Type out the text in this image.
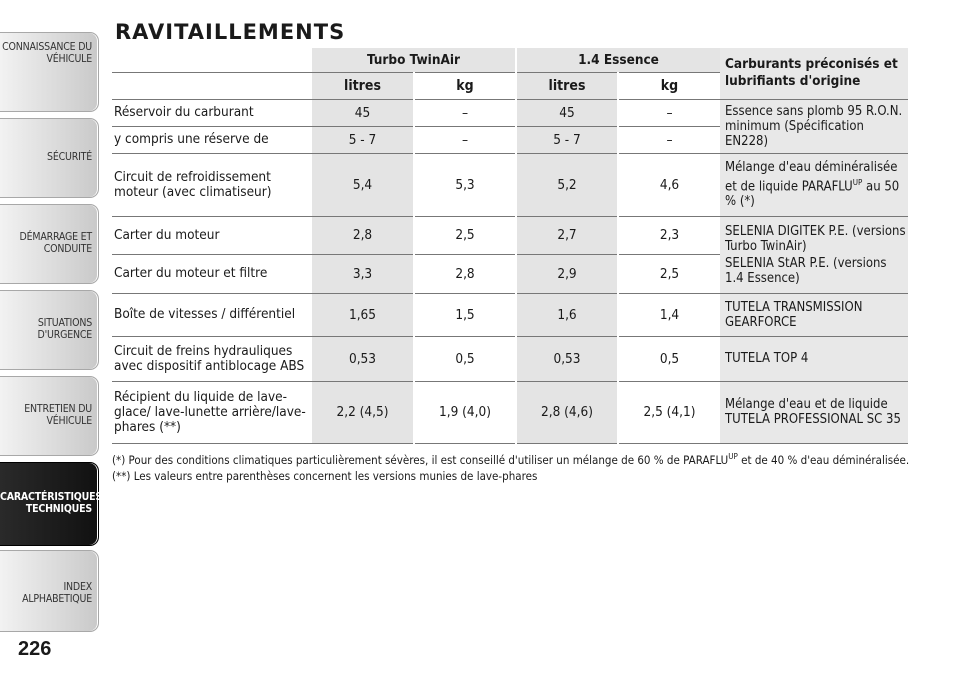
CONNAISSANCE DU
VÉHICULE
SÉCURITÉ
DÉMARRAGE ET
CONDUITE
SITUATIONS
D'URGENCE
ENTRETIEN DU
VÉHICULE
CARACTÉRISTIQUES
TECHNIQUES
INDEX
ALPHABETIQUE
226
RAVITAILLEMENTS
	Turbo TwinAir		1.4 Essence		Carburants préconisés et lubrifiants d'origine
	litres	kg	litres	kg	
Réservoir du carburant	45	–	45	–	Essence sans plomb 95 R.O.N. minimum (Spécification EN228)
y compris une réserve de	5 - 7	–	5 - 7	–	
Circuit de refroidissement moteur (avec climatiseur)	5,4	5,3	5,2	4,6	Mélange d'eau déminéralisée et de liquide $PARAFLU^{UP}$ au 50 % (*)
Carter du moteur	2,8	2,5	2,7	2,3	SELENIA DIGITEK P.E. (versions Turbo TwinAir)
SELENIA StAR P.E. (versions 1.4 Essence)

Carter du moteur et filtre	3,3	2,8	2,9	2,5	
Boîte de vitesses / différentiel	1,65	1,5	1,6	1,4	TUTELA TRANSMISSION GEARFORCE
Circuit de freins hydrauliques avec dispositif antiblocage ABS	0,53	0,5	0,53	0,5	TUTELA TOP 4
Récipient du liquide de lave-glace/ lave-lunette arrière/lave-phares (**)	2,2 (4,5)	1,9 (4,0)	2,8 (4,6)	2,5 (4,1)	Mélange d'eau et de liquide TUTELA PROFESSIONAL SC 35
(*) Pour des conditions climatiques particulièrement sévères, il est conseillé d'utiliser un mélange de 60 % de $PARAFLU^{UP}$ et de 40 % d'eau déminéralisée.
(**) Les valeurs entre parenthèses concernent les versions munies de lave-phares
